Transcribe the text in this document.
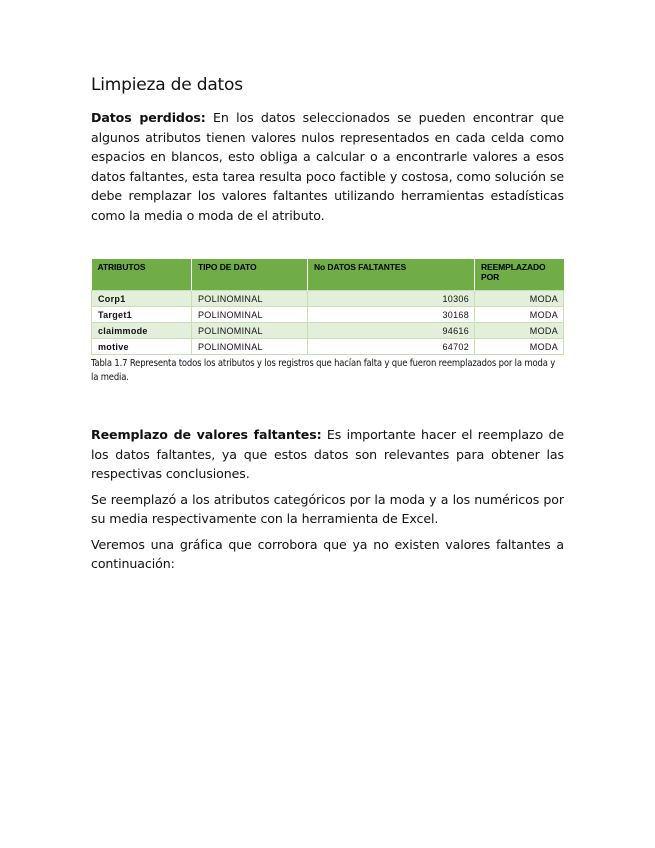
Limpieza de datos

Datos perdidos: En los datos seleccionados se pueden encontrar que algunos atributos tienen valores nulos representados en cada celda como espacios en blancos, esto obliga a calcular o a encontrarle valores a esos datos faltantes, esta tarea resulta poco factible y costosa, como solución se debe remplazar los valores faltantes utilizando herramientas estadísticas como la media o moda de el atributo.

ATRIBUTOS	TIPO DE DATO	No DATOS FALTANTES	REEMPLAZADO POR
Corp1	POLINOMINAL	10306	MODA
Target1	POLINOMINAL	30168	MODA
claimmode	POLINOMINAL	94616	MODA
motive	POLINOMINAL	64702	MODA
Tabla 1.7 Representa todos los atributos y los registros que hacían falta y que fueron reemplazados por la moda y la media.

Reemplazo de valores faltantes: Es importante hacer el reemplazo de los datos faltantes, ya que estos datos son relevantes para obtener las respectivas conclusiones.

Se reemplazó a los atributos categóricos por la moda y a los numéricos por su media respectivamente con la herramienta de Excel.

Veremos una gráfica que corrobora que ya no existen valores faltantes a continuación:
